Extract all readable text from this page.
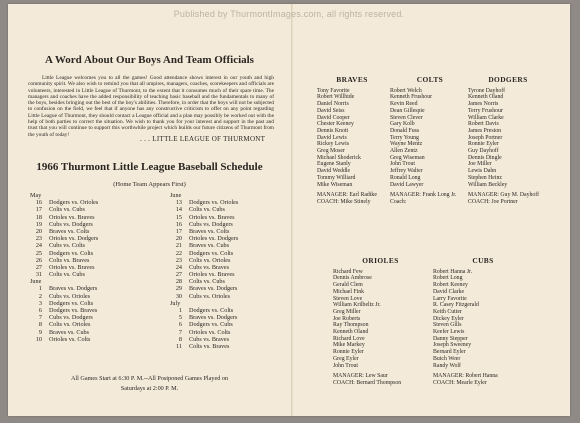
Published by ThurmontImages.com, all rights reserved.
A Word About Our Boys And Team Officials

Little League welcomes you to all the games! Good attendance shows interest in our youth and high community spirit. We also wish to remind you that all umpires, managers, coaches, scorekeepers and officials are volunteers, interested in Little League of Thurmont, to the extent that it consumes much of their spare time. The managers and coaches have the added responsibility of teaching basic baseball and the fundamentals to many of the boys, besides bringing out the best of the boy's abilities. Therefore, in order that the boys will not be subjected to confusion on the field, we feel that if anyone has any constructive criticism to offer on any point regarding Little League of Thurmont, they should contact a League official and a plan may possibly be worked out with the help of both parties to correct the situation. We wish to thank you for your interest and support in the past and trust that you will continue to support this worthwhile project which builds our future citizens of Thurmont from the youth of today!

. . . LITTLE LEAGUE OF THURMONT
1966 Thurmont Little League Baseball Schedule
(Home Team Appears First)
May
16 Dodgers vs. Orioles
17 Colts vs. Cubs
18 Orioles vs. Braves
19 Cubs vs. Dodgers
20 Braves vs. Colts
23 Orioles vs. Dodgers
24 Cubs vs. Colts
25 Dodgers vs. Colts
26 Colts vs. Braves
27 Orioles vs. Braves
31 Colts vs. Cubs
June
1 Braves vs. Dodgers
2 Cubs vs. Orioles
3 Dodgers vs. Colts
6 Dodgers vs. Braves
7 Cubs vs. Dodgers
8 Colts vs. Orioles
9 Braves vs. Cubs
10 Orioles vs. Colts
June
13 Dodgers vs. Orioles
14 Colts vs. Cubs
15 Orioles vs. Braves
16 Cubs vs. Dodgers
17 Braves vs. Colts
20 Orioles vs. Dodgers
21 Braves vs. Cubs
22 Dodgers vs. Colts
23 Colts vs. Orioles
24 Cubs vs. Braves
27 Orioles vs. Braves
28 Colts vs. Cubs
29 Braves vs. Dodgers
30 Cubs vs. Orioles
July
1 Dodgers vs. Colts
5 Braves vs. Dodgers
6 Dodgers vs. Cubs
7 Orioles vs. Colts
8 Cubs vs. Braves
11 Colts vs. Braves
All Games Start at 6:30 P. M.--All Postponed Games Played on
Saturdays at 2:00 P. M.
BRAVES
Tony Favorite
Robert Willhide
Daniel Norris
David Seiss
David Cooper
Chester Keeney
Dennis Knott
David Lewis
Rickey Lewis
Greg Moser
Michael Shoderick
Eugene Stanly
David Weddle
Tommy Williard
Mike Wiseman
MANAGER: Earl Radtke
COACH: Mike Stinely
COLTS
Robert Welch
Kenneth Frushour
Kevin Reed
Dean Gillespie
Steven Clever
Gary Kolb
Donald Fuss
Terry Young
Wayne Mentz
Allen Zentz
Greg Wiseman
John Trout
Jeffrey Walter
Ronald Long
David Lawyer
MANAGER: Frank Long Jr.
Coach:
DODGERS
Tyrone Dayhoff
Kenneth Oland
James Norris
Terry Frushour
William Clarke
Robert Davis
James Preston
Joseph Portner
Ronnie Eyler
Guy Dayhoff
Dennis Dingle
Joe Miller
Lewis Dahn
Stephen Heinz
William Beckley
MANAGER: Guy M. Dayhoff
COACH: Joe Portner
ORIOLES
Richard Few
Dennis Ambrose
Gerald Clem
Michael Fink
Steven Love
William Krilbeltz Jr.
Greg Miller
Joe Roberts
Ray Thompson
Kenneth Oland
Richard Love
Mike Markey
Ronnie Eyler
Greg Eyler
John Trout
MANAGER: Lew Saur
COACH: Bernard Thompson
CUBS
Robert Hanna Jr.
Robert Long
Robert Keeney
David Clarke
Larry Favorite
R. Casey Fitzgerald
Keith Cutter
Dickey Eyler
Steven Gills
Keefer Lewis
Danny Stepper
Joseph Sweeney
Bernard Eyler
Butch Weer
Randy Wolf
MANAGER: Robert Hanna
COACH: Mearle Eyler
